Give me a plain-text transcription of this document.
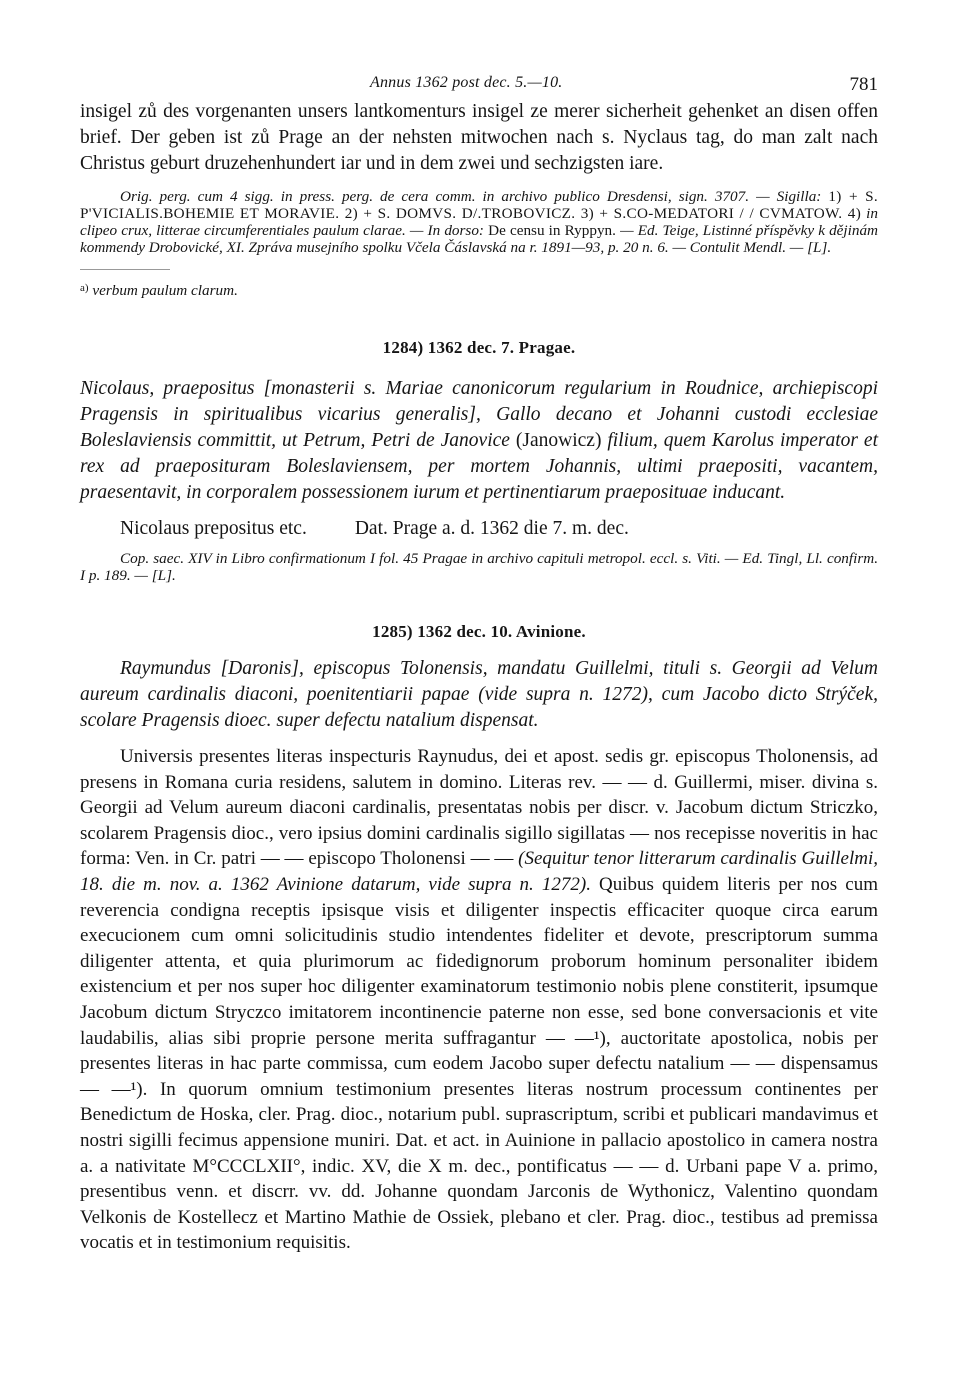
Annus 1362 post dec. 5.—10.	781

insigel zů des vorgenanten unsers lantkomenturs insigel ze merer sicherheit gehenket an disen offen brief. Der geben ist zů Prage an der nehsten mitwochen nach s. Nyclaus tag, do man zalt nach Christus geburt druzehenhundert iar und in dem zwei und sechzigsten iare.

Orig. perg. cum 4 sigg. in press. perg. de cera comm. in archivo publico Dresdensi, sign. 3707. — Sigilla: 1) + S. P'VICIALIS.BOHEMIE ET MORAVIE. 2) + S. DOMVS. D/.TROBOVICZ. 3) + S.CO-MEDATORI / / CVMATOW. 4) in clipeo crux, litterae circumferentiales paulum clarae. — In dorso: De censu in Ryppyn. — Ed. Teige, Listinné příspěvky k dějinám kommendy Drobovické, XI. Zpráva musejního spolku Včela Čáslavská na r. 1891—93, p. 20 n. 6. — Contulit Mendl. — [L].

$^{a)}$ verbum paulum clarum.

1284) 1362 dec. 7. Pragae.

Nicolaus, praepositus [monasterii s. Mariae canonicorum regularium in Roudnice, archiepiscopi Pragensis in spiritualibus vicarius generalis], Gallo decano et Johanni custodi ecclesiae Boleslaviensis committit, ut Petrum, Petri de Janovice (Janowicz) filium, quem Karolus imperator et rex ad praeposituram Boleslaviensem, per mortem Johannis, ultimi praepositi, vacantem, praesentavit, in corporalem possessionem iurum et pertinentiarum praeposituae inducant.

Nicolaus prepositus etc. Dat. Prage a. d. 1362 die 7. m. dec.

Cop. saec. XIV in Libro confirmationum I fol. 45 Pragae in archivo capituli metropol. eccl. s. Viti. — Ed. Tingl, Ll. confirm. I p. 189. — [L].

1285) 1362 dec. 10. Avinione.

Raymundus [Daronis], episcopus Tolonensis, mandatu Guillelmi, tituli s. Georgii ad Velum aureum cardinalis diaconi, poenitentiarii papae (vide supra n. 1272), cum Jacobo dicto Strýček, scolare Pragensis dioec. super defectu natalium dispensat.

Universis presentes literas inspecturis Raynudus, dei et apost. sedis gr. episcopus Tholonensis, ad presens in Romana curia residens, salutem in domino. Literas rev. — — d. Guillermi, miser. divina s. Georgii ad Velum aureum diaconi cardinalis, presentatas nobis per discr. v. Jacobum dictum Striczko, scolarem Pragensis dioc., vero ipsius domini cardinalis sigillo sigillatas — nos recepisse noveritis in hac forma: Ven. in Cr. patri — — episcopo Tholonensi — — (Sequitur tenor litterarum cardinalis Guillelmi, 18. die m. nov. a. 1362 Avinione datarum, vide supra n. 1272). Quibus quidem literis per nos cum reverencia condigna receptis ipsisque visis et diligenter inspectis efficaciter quoque circa earum execucionem cum omni solicitudinis studio intendentes fideliter et devote, prescriptorum summa diligenter attenta, et quia plurimorum ac fidedignorum proborum hominum personaliter ibidem existencium et per nos super hoc diligenter examinatorum testimonio nobis plene constiterit, ipsumque Jacobum dictum Stryczco imitatorem incontinencie paterne non esse, sed bone conversacionis et vite laudabilis, alias sibi proprie persone merita suffragantur — —¹), auctoritate apostolica, nobis per presentes literas in hac parte commissa, cum eodem Jacobo super defectu natalium — — dispensamus — —¹). In quorum omnium testimonium presentes literas nostrum processum continentes per Benedictum de Hoska, cler. Prag. dioc., notarium publ. suprascriptum, scribi et publicari mandavimus et nostri sigilli fecimus appensione muniri. Dat. et act. in Auinione in pallacio apostolico in camera nostra a. a nativitate M°CCCLXII°, indic. XV, die X m. dec., pontificatus — — d. Urbani pape V a. primo, presentibus venn. et discrr. vv. dd. Johanne quondam Jarconis de Wythonicz, Valentino quondam Velkonis de Kostellecz et Martino Mathie de Ossiek, plebano et cler. Prag. dioc., testibus ad premissa vocatis et in testimonium requisitis.
